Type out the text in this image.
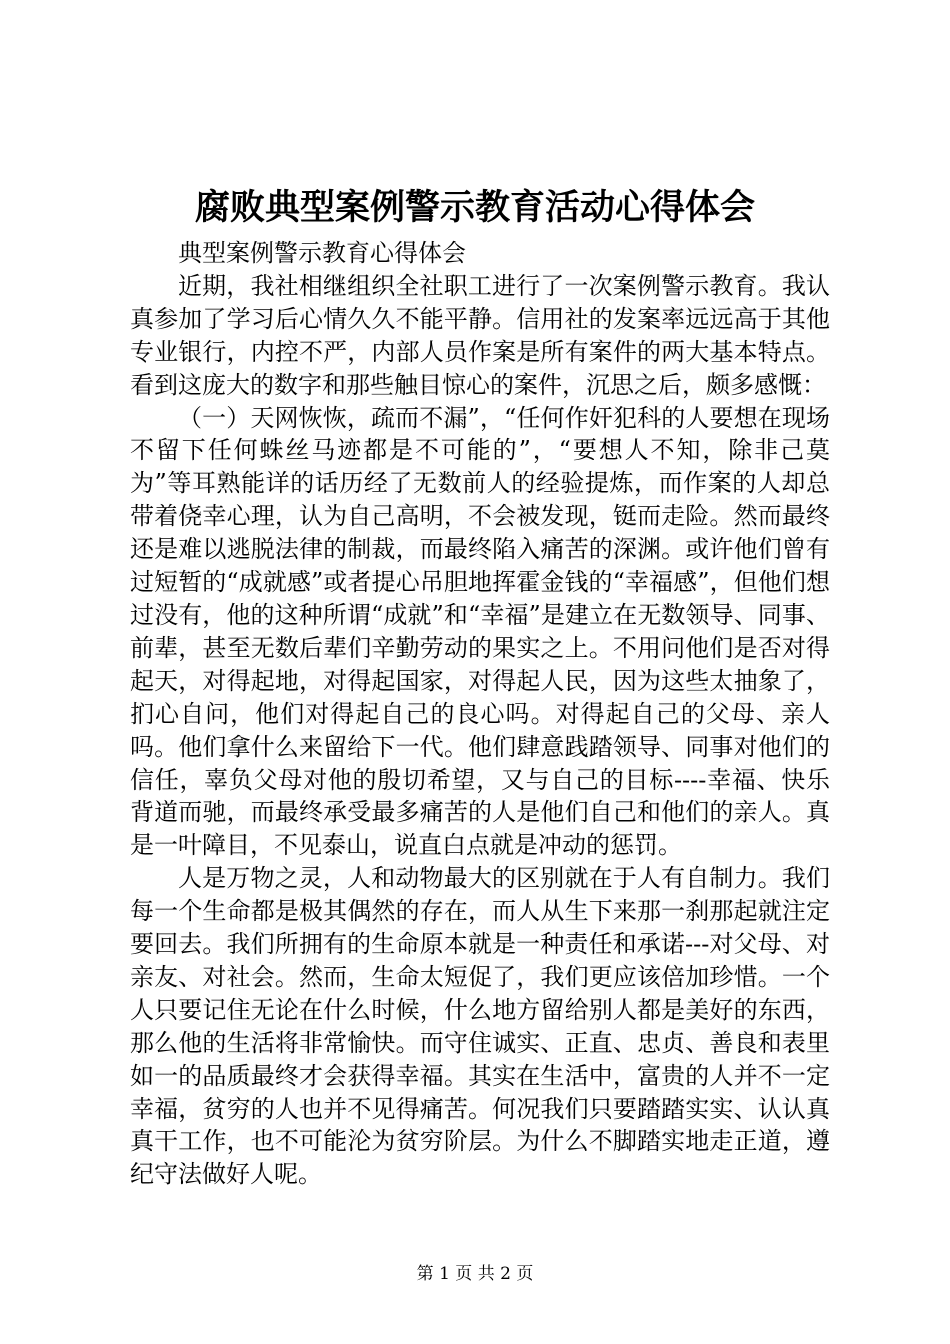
腐败典型案例警示教育活动心得体会

典型案例警示教育心得体会

近期，我社相继组织全社职工进行了一次案例警示教育。我认真参加了学习后心情久久不能平静。信用社的发案率远远高于其他专业银行，内控不严，内部人员作案是所有案件的两大基本特点。看到这庞大的数字和那些触目惊心的案件，沉思之后，颇多感慨：

（一）天网恢恢，疏而不漏”，“任何作奸犯科的人要想在现场不留下任何蛛丝马迹都是不可能的”，“要想人不知，除非己莫为”等耳熟能详的话历经了无数前人的经验提炼，而作案的人却总带着侥幸心理，认为自己高明，不会被发现，铤而走险。然而最终还是难以逃脱法律的制裁，而最终陷入痛苦的深渊。或许他们曾有过短暂的“成就感”或者提心吊胆地挥霍金钱的“幸福感”，但他们想过没有，他的这种所谓“成就”和“幸福”是建立在无数领导、同事、前辈，甚至无数后辈们辛勤劳动的果实之上。不用问他们是否对得起天，对得起地，对得起国家，对得起人民，因为这些太抽象了，扪心自问，他们对得起自己的良心吗。对得起自己的父母、亲人吗。他们拿什么来留给下一代。他们肆意践踏领导、同事对他们的信任，辜负父母对他的殷切希望，又与自己的目标----幸福、快乐背道而驰，而最终承受最多痛苦的人是他们自己和他们的亲人。真是一叶障目，不见泰山，说直白点就是冲动的惩罚。

人是万物之灵，人和动物最大的区别就在于人有自制力。我们每一个生命都是极其偶然的存在，而人从生下来那一刹那起就注定要回去。我们所拥有的生命原本就是一种责任和承诺---对父母、对亲友、对社会。然而，生命太短促了，我们更应该倍加珍惜。一个人只要记住无论在什么时候，什么地方留给别人都是美好的东西，那么他的生活将非常愉快。而守住诚实、正直、忠贞、善良和表里如一的品质最终才会获得幸福。其实在生活中，富贵的人并不一定幸福，贫穷的人也并不见得痛苦。何况我们只要踏踏实实、认认真真干工作，也不可能沦为贫穷阶层。为什么不脚踏实地走正道，遵纪守法做好人呢。

第 1 页 共 2 页
